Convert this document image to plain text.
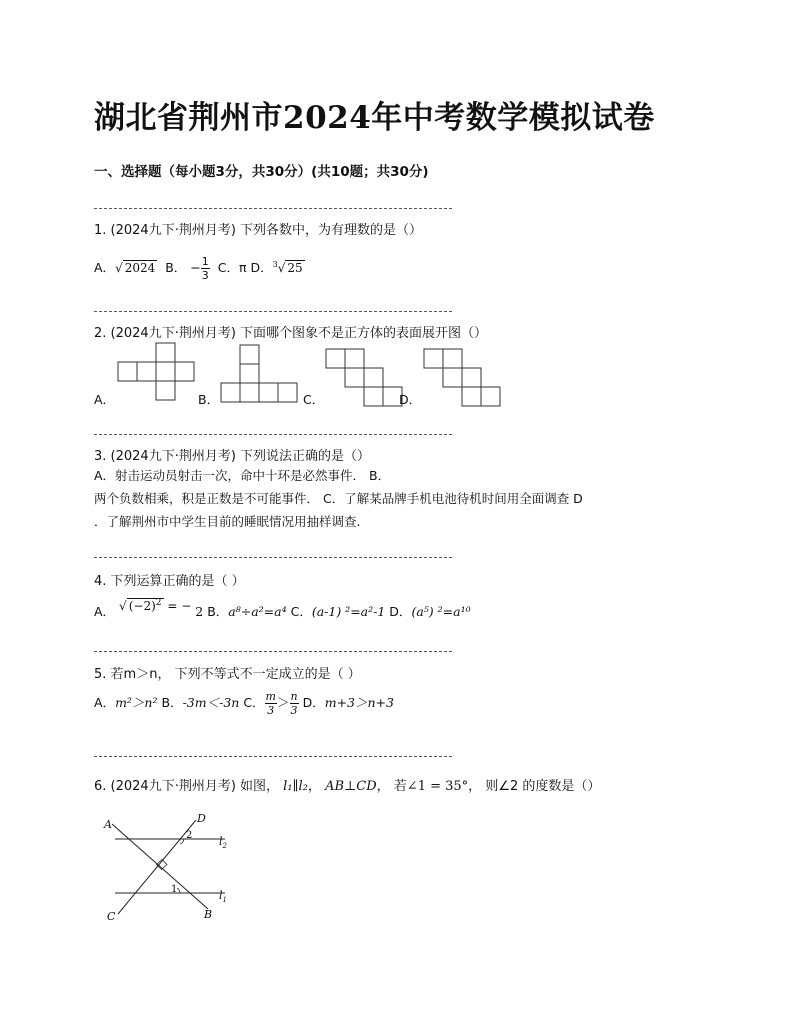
湖北省荆州市2024年中考数学模拟试卷
一、选择题（每小题3分，共30分）(共10题；共30分)
1. (2024九下·荆州月考) 下列各数中，为有理数的是（）
A．√ 2024 B． − $\frac{1}{3}$ C．π D．$^3$√ 25
2. (2024九下·荆州月考) 下面哪个图象不是正方体的表面展开图（）
A．	B．	C．	D．
3. (2024九下·荆州月考) 下列说法正确的是（）
A．射击运动员射击一次，命中十环是必然事件． B．
两个负数相乘，积是正数是不可能事件． C．了解某品牌手机电池待机时间用全面调查 D
．了解荆州市中学生目前的睡眠情况用抽样调查.
4. 下列运算正确的是（ ）
A． √ $(-2)^2$ = − 2 B．a⁸÷a²=a⁴ C．(a-1) ²=a²-1 D．(a⁵) ²=a¹⁰
5. 若m＞n， 下列不等式不一定成立的是（ ）
A．m²＞n² B．-3m＜-3n C． $\frac{m}{3} > \frac{n}{3}$ D．m+3＞n+3
6. (2024九下·荆州月考) 如图， l₁∥l₂， AB⊥CD， 若∠1 = 35°， 则∠2 的度数是（）
A	D
C	B
$l_2$
$l_1$
2
1
